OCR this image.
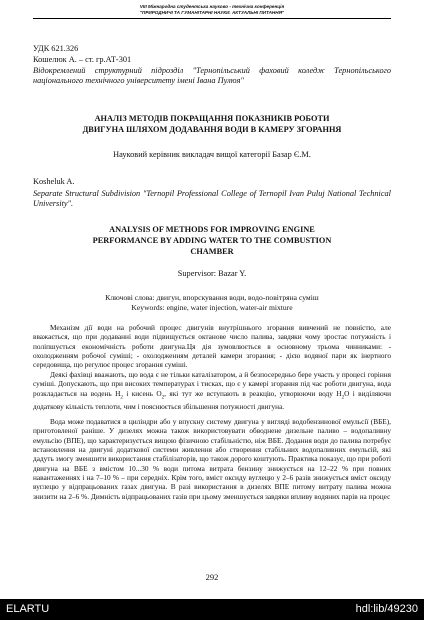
VIII Міжнародна студентська науково - технічна конференція
"ПРИРОДНИЧІ ТА ГУМАНІТАРНІ НАУКИ. АКТУАЛЬНІ ПИТАННЯ"
УДК 621.326
Кошелюк А. – ст. гр.АТ-301
Відокремлений структурний підрозділ "Тернопільський фаховий коледж Тернопільського національного технічного університету імені Івана Пулюя"
АНАЛІЗ МЕТОДІВ ПОКРАЩАННЯ ПОКАЗНИКІВ РОБОТИ
ДВИГУНА ШЛЯХОМ ДОДАВАННЯ ВОДИ В КАМЕРУ ЗГОРАННЯ
Науковий керівник викладач вищої категорії Базар Є.М.
Kosheluk A.
Separate Structural Subdivision "Ternopil Professional College of Ternopil Ivan Puluj National Technical University".
ANALYSIS OF METHODS FOR IMPROVING ENGINE
PERFORMANCE BY ADDING WATER TO THE COMBUSTION
CHAMBER
Supervisor: Bazar Y.
Ключові слова: двигун, впорскування води, водо-повітряна суміш
Keywords: engine, water injection, water-air mixture
Механізм дії води на робочий процес двигунів внутрішнього згорання вивчений не повністю, але вважається, що при додаванні води підвищується октанове число палива, завдяки чому зростає потужність і поліпшується економічність роботи двигуна.Ця дія зумовлюється в основному трьома чинниками: - охолодженням робочої суміші; - охолодженням деталей камери згорання; - дією водяної пари як інертного середовища, що регулює процес згорання суміші.
Деякі фахівці вважають, що вода є не тільки каталізатором, а й безпосередньо бере участь у процесі горіння суміші. Допускають, що при високих температурах і тисках, що є у камері згорання під час роботи двигуна, вода розкладається на водень $Н_2$ і кисень $О_2$, які тут же вступають в реакцію, утворюючи воду $Н_2О$ і виділяючи додаткову кількість теплоти, чим і пояснюється збільшення потужності двигуна.
Вода може подаватися в циліндри або у впускну систему двигуна у вигляді водобензинової емульсії (ВБЕ), приготовленої раніше. У дизелях можна також використовувати обводнене дизельне паливо – водопаливну емульсію (ВПЕ), що характеризується вищою фізичною стабільністю, ніж ВБЕ. Додання води до палива потребує встановлення на двигуні додаткової системи живлення або створення стабільних водопаливних емульсій, які дадуть змогу зменшити використання стабілізаторів, що також дорого коштують. Практика показує, що при роботі двигуна на ВБЕ з вмістом 10...30 % води питома витрата бензину знижується на 12–22 % при повних навантаженнях і на 7–10 % – при середніх. Крім того, вміст оксиду вуглецю у 2–6 разів знижується вміст оксиду вуглецю у відпрацьованих газах двигуна. В разі використання в дизелях ВПЕ питому витрату палива можна знизити на 2–6 %. Димність відпрацьованих газів при цьому зменшується завдяки впливу водяних парів на процес
292
ELARTU	hdl:lib/49230
